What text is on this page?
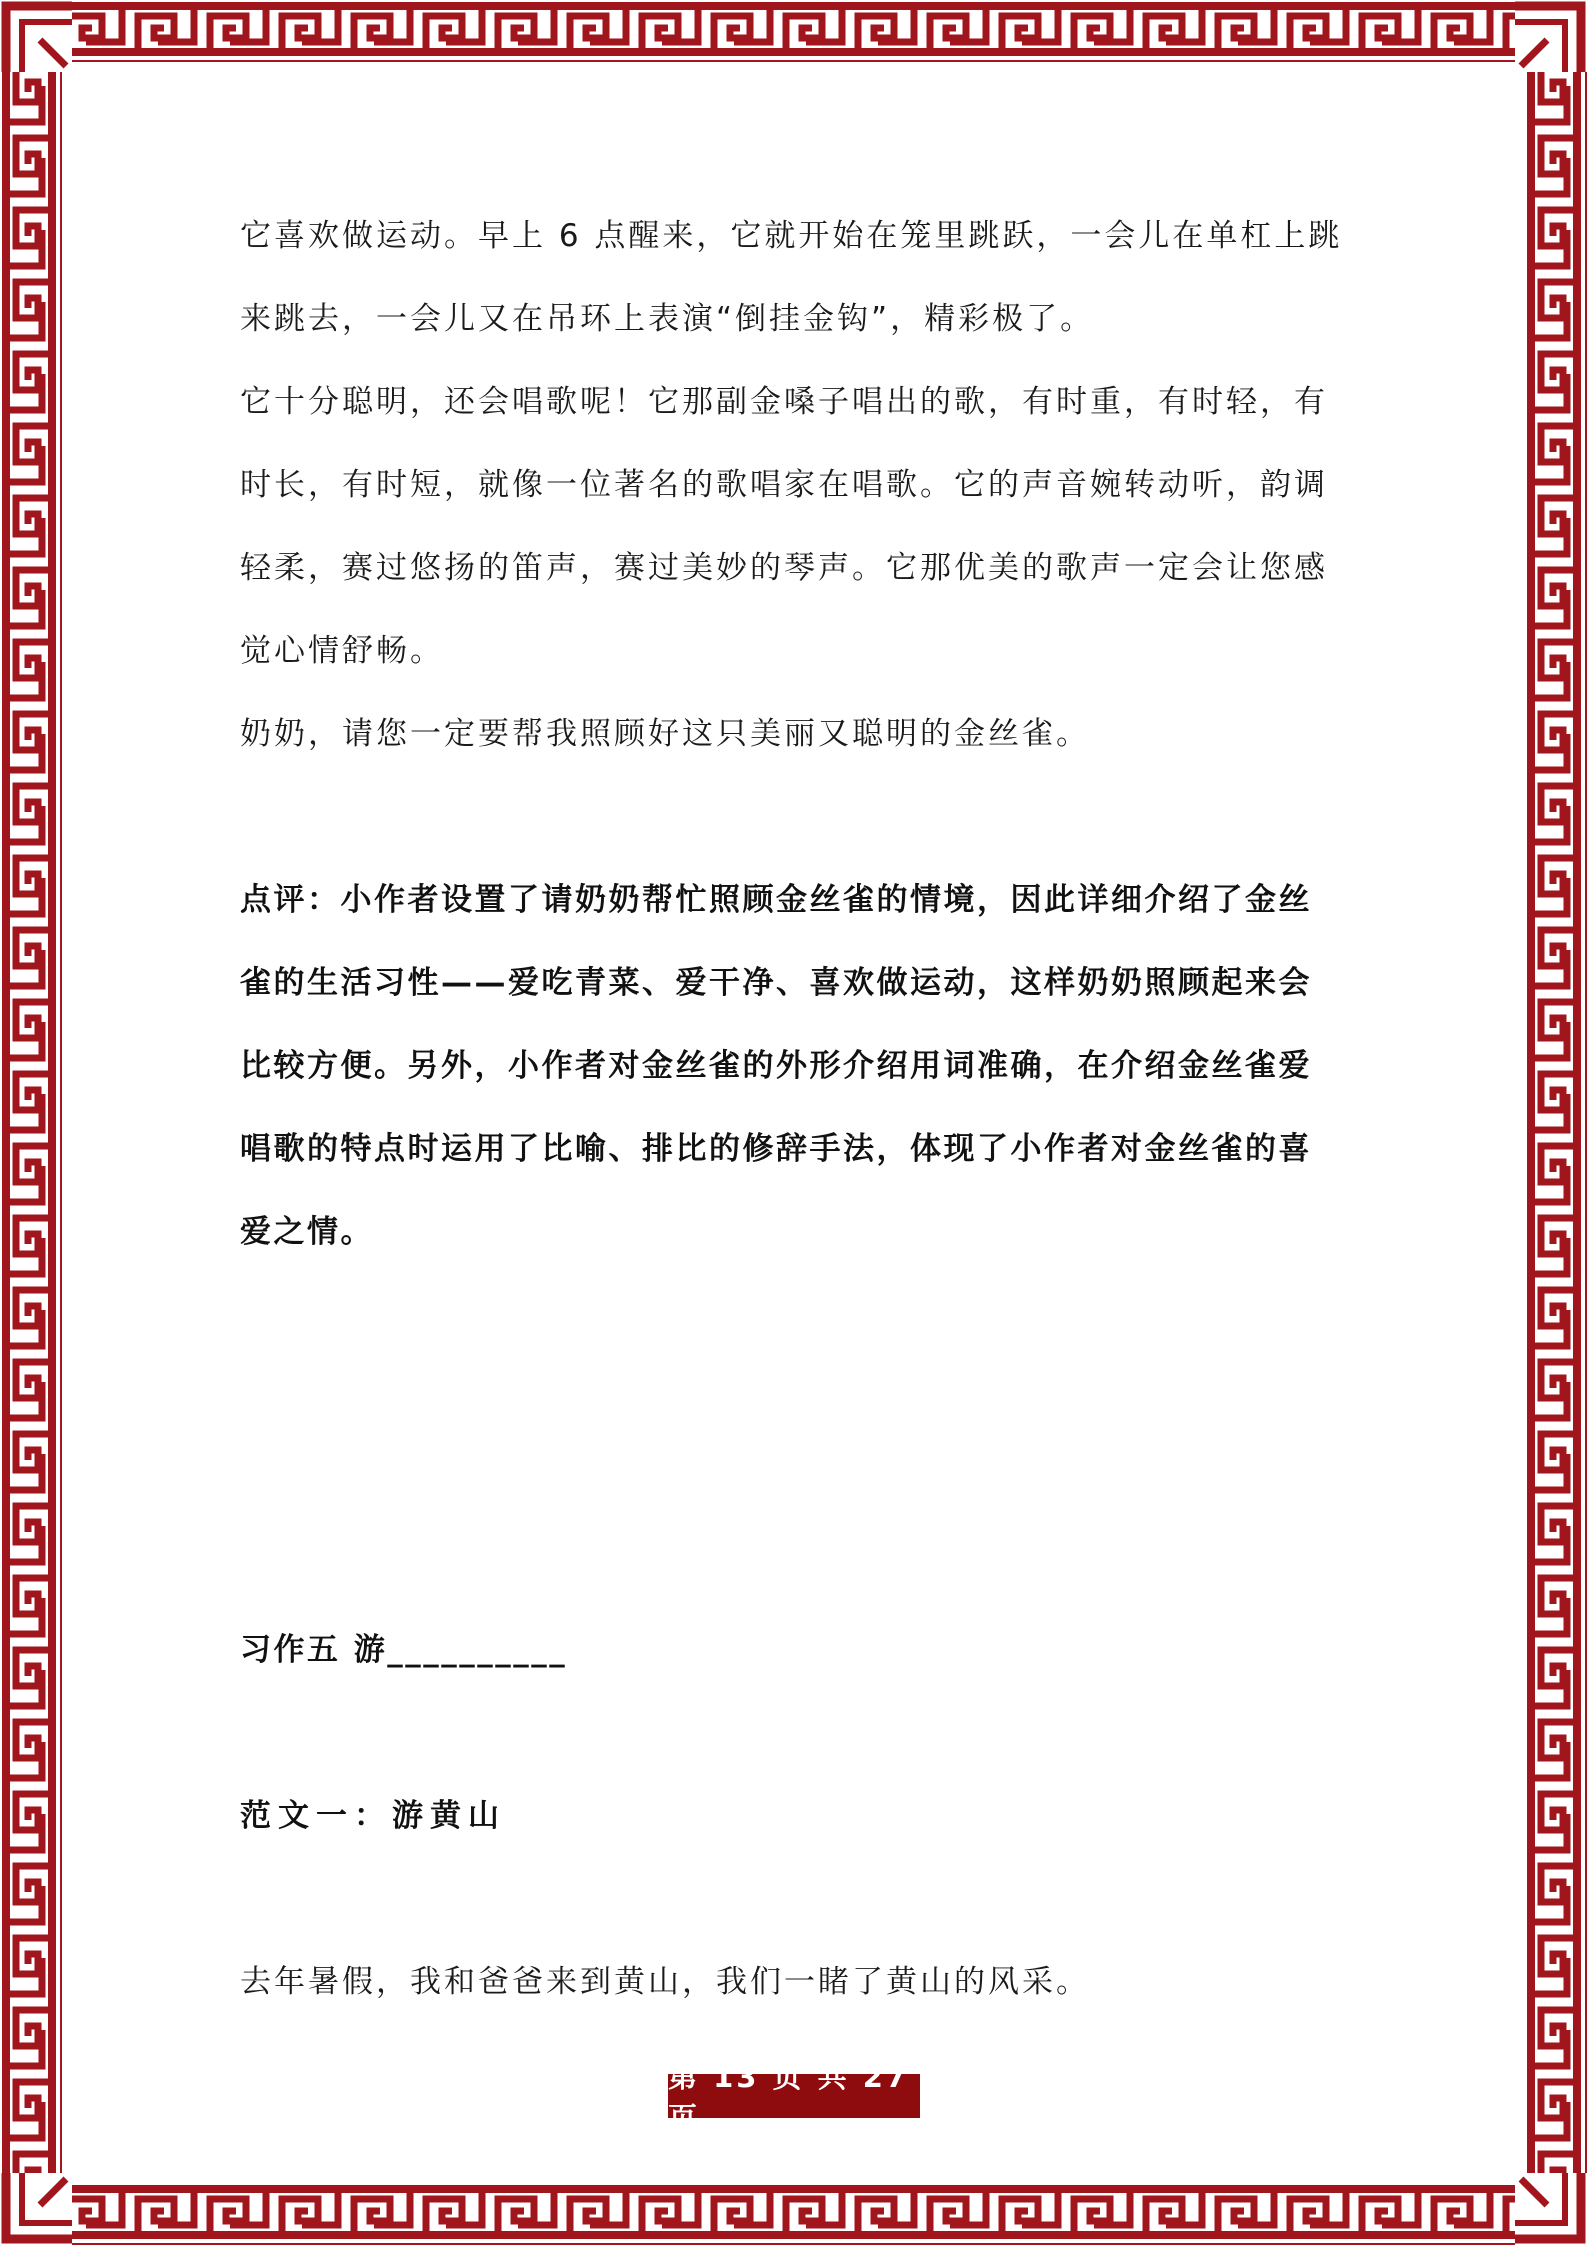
它喜欢做运动。早上 6 点醒来，它就开始在笼里跳跃，一会儿在单杠上跳
来跳去，一会儿又在吊环上表演“倒挂金钩”，精彩极了。
它十分聪明，还会唱歌呢！它那副金嗓子唱出的歌，有时重，有时轻，有
时长，有时短，就像一位著名的歌唱家在唱歌。它的声音婉转动听，韵调
轻柔，赛过悠扬的笛声，赛过美妙的琴声。它那优美的歌声一定会让您感
觉心情舒畅。
奶奶，请您一定要帮我照顾好这只美丽又聪明的金丝雀。
点评：小作者设置了请奶奶帮忙照顾金丝雀的情境，因此详细介绍了金丝
雀的生活习性——爱吃青菜、爱干净、喜欢做运动，这样奶奶照顾起来会
比较方便。另外，小作者对金丝雀的外形介绍用词准确，在介绍金丝雀爱
唱歌的特点时运用了比喻、排比的修辞手法，体现了小作者对金丝雀的喜
爱之情。
习作五 游__________
范文一：游黄山
去年暑假，我和爸爸来到黄山，我们一睹了黄山的风采。
第 13 页 共 27 页
